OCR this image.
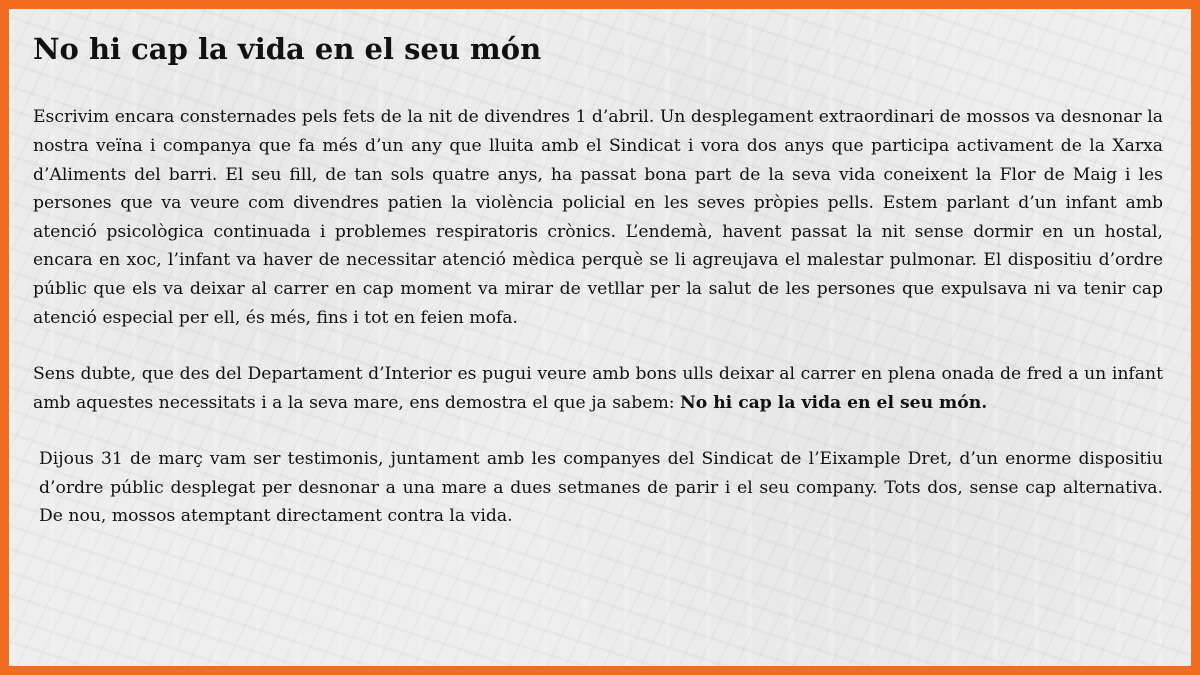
No hi cap la vida en el seu món

Escrivim encara consternades pels fets de la nit de divendres 1 d’abril. Un desplegament extraordinari de mossos va desnonar la nostra veïna i companya que fa més d’un any que lluita amb el Sindicat i vora dos anys que participa activament de la Xarxa d’Aliments del barri. El seu fill, de tan sols quatre anys, ha passat bona part de la seva vida coneixent la Flor de Maig i les persones que va veure com divendres patien la violència policial en les seves pròpies pells. Estem parlant d’un infant amb atenció psicològica continuada i problemes respiratoris crònics. L’endemà, havent passat la nit sense dormir en un hostal, encara en xoc, l’infant va haver de necessitar atenció mèdica perquè se li agreujava el malestar pulmonar. El dispositiu d’ordre públic que els va deixar al carrer en cap moment va mirar de vetllar per la salut de les persones que expulsava ni va tenir cap atenció especial per ell, és més, fins i tot en feien mofa.

Sens dubte, que des del Departament d’Interior es pugui veure amb bons ulls deixar al carrer en plena onada de fred a un infant amb aquestes necessitats i a la seva mare, ens demostra el que ja sabem: No hi cap la vida en el seu món.

Dijous 31 de març vam ser testimonis, juntament amb les companyes del Sindicat de l’Eixample Dret, d’un enorme dispositiu d’ordre públic desplegat per desnonar a una mare a dues setmanes de parir i el seu company. Tots dos, sense cap alternativa. De nou, mossos atemptant directament contra la vida.
